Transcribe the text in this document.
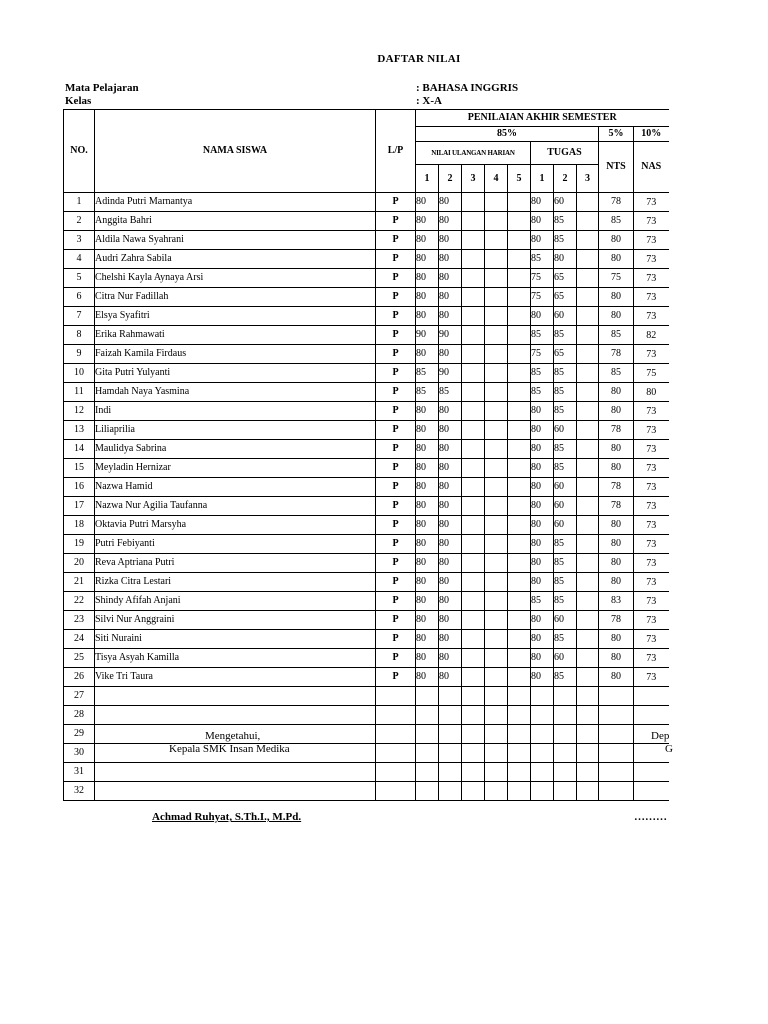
DAFTAR NILAI
Mata Pelajaran	: BAHASA INGGRIS
Kelas	: X-A
NO.	NAMA SISWA	L/P	PENILAIAN AKHIR SEMESTER									
			85%								5%	10%
			NILAI ULANGAN HARIAN					TUGAS			NTS	NAS
			1	2	3	4	5	1	2	3		
1	Adinda Putri Marnantya	P	80	80				80	60		78	73
2	Anggita Bahri	P	80	80				80	85		85	73
3	Aldila Nawa Syahrani	P	80	80				80	85		80	73
4	Audri Zahra Sabila	P	80	80				85	80		80	73
5	Chelshi Kayla Aynaya Arsi	P	80	80				75	65		75	73
6	Citra Nur Fadillah	P	80	80				75	65		80	73
7	Elsya Syafitri	P	80	80				80	60		80	73
8	Erika Rahmawati	P	90	90				85	85		85	82
9	Faizah Kamila Firdaus	P	80	80				75	65		78	73
10	Gita Putri Yulyanti	P	85	90				85	85		85	75
11	Hamdah Naya Yasmina	P	85	85				85	85		80	80
12	Indi	P	80	80				80	85		80	73
13	Liliaprilia	P	80	80				80	60		78	73
14	Maulidya Sabrina	P	80	80				80	85		80	73
15	Meyladin Hernizar	P	80	80				80	85		80	73
16	Nazwa Hamid	P	80	80				80	60		78	73
17	Nazwa Nur Agilia Taufanna	P	80	80				80	60		78	73
18	Oktavia Putri Marsyha	P	80	80				80	60		80	73
19	Putri Febiyanti	P	80	80				80	85		80	73
20	Reva Aptriana Putri	P	80	80				80	85		80	73
21	Rizka Citra Lestari	P	80	80				80	85		80	73
22	Shindy Afifah Anjani	P	80	80				85	85		83	73
23	Silvi Nur Anggraini	P	80	80				80	60		78	73
24	Siti Nuraini	P	80	80				80	85		80	73
25	Tisya Asyah Kamilla	P	80	80				80	60		80	73
26	Vike Tri Taura	P	80	80				80	85		80	73
27												
28												
29												
30												
31												
32												
Mengetahui,
Kepala SMK Insan Medika
Achmad Ruhyat, S.Th.I., M.Pd.
Dep
G
………
